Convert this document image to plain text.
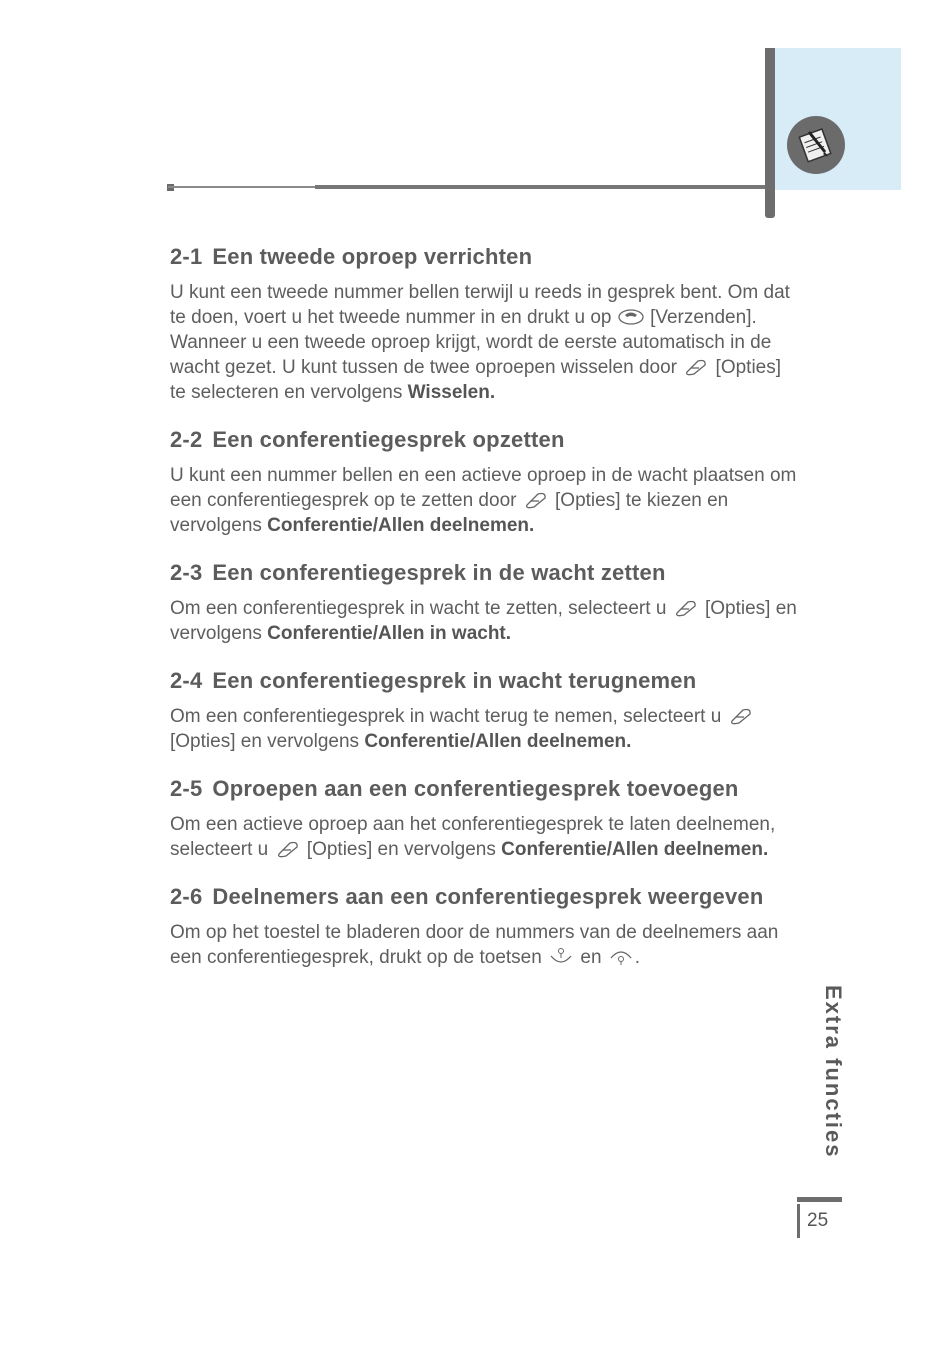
2-1 Een tweede oproep verrichten

U kunt een tweede nummer bellen terwijl u reeds in gesprek bent. Om dat te doen, voert u het tweede nummer in en drukt u op [Verzenden]. Wanneer u een tweede oproep krijgt, wordt de eerste automatisch in de wacht gezet. U kunt tussen de twee oproepen wisselen door [Opties] te selecteren en vervolgens Wisselen.

2-2 Een conferentiegesprek opzetten

U kunt een nummer bellen en een actieve oproep in de wacht plaatsen om een conferentiegesprek op te zetten door [Opties] te kiezen en vervolgens Conferentie/Allen deelnemen.

2-3 Een conferentiegesprek in de wacht zetten

Om een conferentiegesprek in wacht te zetten, selecteert u [Opties] en vervolgens Conferentie/Allen in wacht.

2-4 Een conferentiegesprek in wacht terugnemen

Om een conferentiegesprek in wacht terug te nemen, selecteert u  [Opties] en vervolgens Conferentie/Allen deelnemen.

2-5 Oproepen aan een conferentiegesprek toevoegen

Om een actieve oproep aan het conferentiegesprek te laten deelnemen, selecteert u [Opties] en vervolgens Conferentie/Allen deelnemen.

2-6 Deelnemers aan een conferentiegesprek weergeven

Om op het toestel te bladeren door de nummers van de deelnemers aan een conferentiegesprek, drukt op de toetsen en .

Extra functies
25
